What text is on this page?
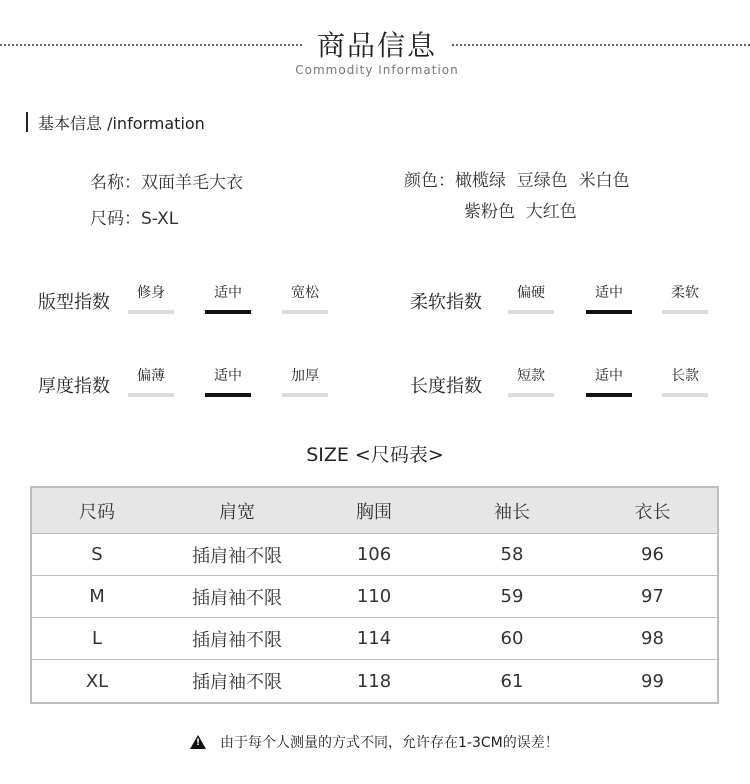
商品信息
Commodity Information
基本信息 /information
名称：双面羊毛大衣
尺码：S-XL
颜色：橄榄绿  豆绿色  米白色
紫粉色  大红色
版型指数	修身	适中	宽松	柔软指数	偏硬	适中	柔软
厚度指数	偏薄	适中	加厚	长度指数	短款	适中	长款
SIZE <尺码表>
尺码	肩宽	胸围	袖长	衣长
S	插肩袖不限	106	58	96
M	插肩袖不限	110	59	97
L	插肩袖不限	114	60	98
XL	插肩袖不限	118	61	99
! 由于每个人测量的方式不同，允许存在1-3CM的误差！
